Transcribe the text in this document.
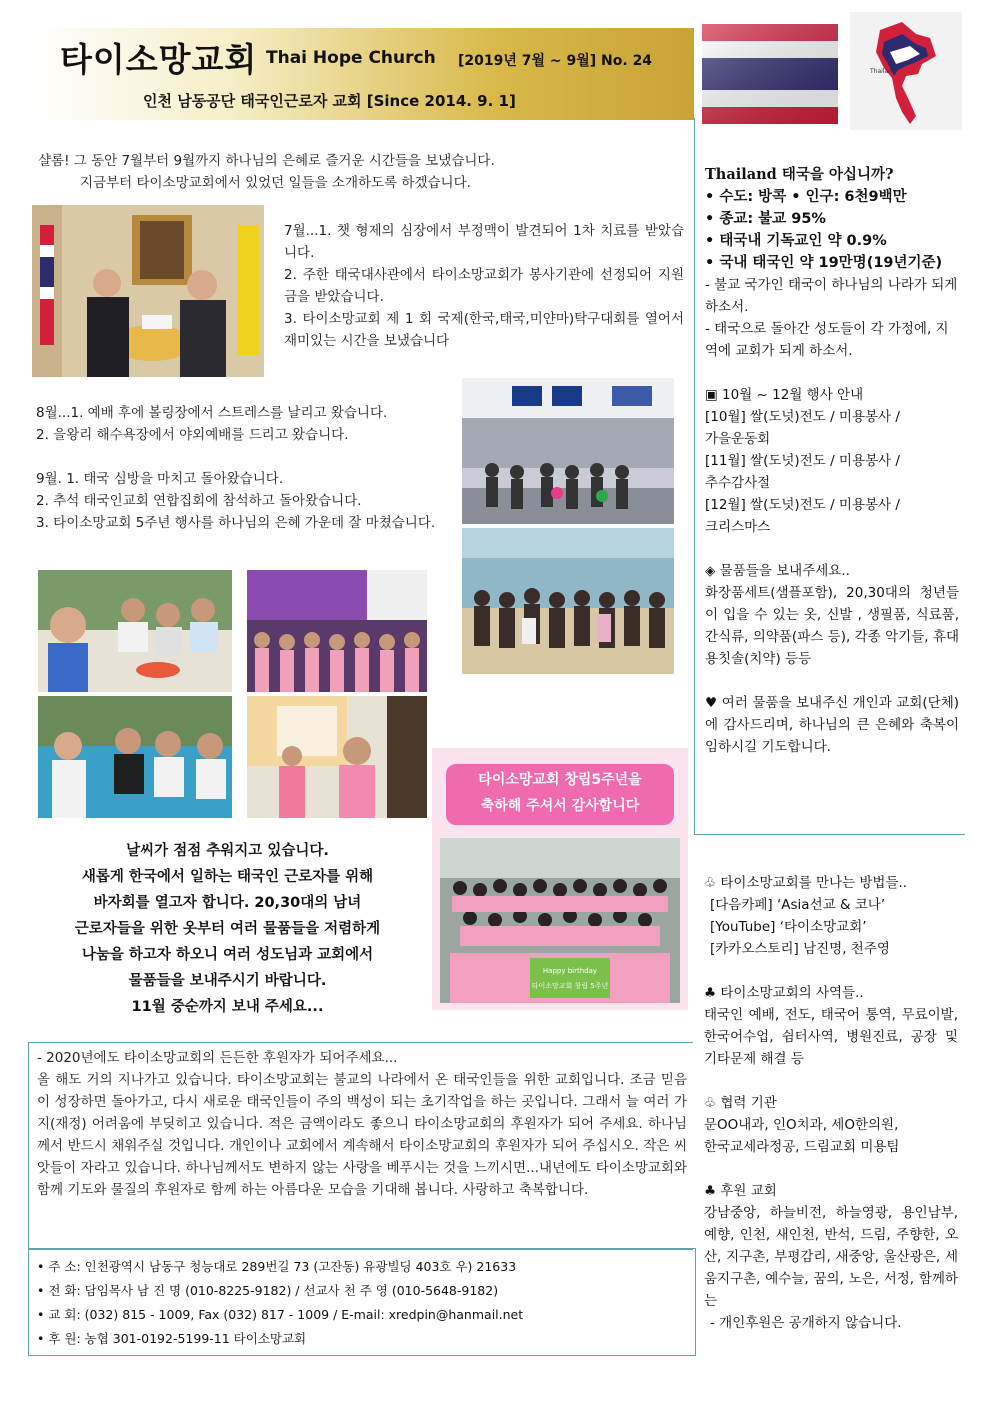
타이소망교회 Thai Hope Church [2019년 7월 ~ 9월] No. 24
인천 남동공단 태국인근로자 교회 [Since 2014. 9. 1]
Thailand

샬롬! 그 동안 7월부터 9월까지 하나님의 은혜로 즐거운 시간들을 보냈습니다.

지금부터 타이소망교회에서 있었던 일들을 소개하도록 하겠습니다.

7월...1. 챗 형제의 심장에서 부정맥이 발견되어 1차 치료를 받았습니다.

2. 주한 태국대사관에서 타이소망교회가 봉사기관에 선정되어 지원금을 받았습니다.

3. 타이소망교회 제 1 회 국제(한국,태국,미얀마)탁구대회를 열어서 재미있는 시간을 보냈습니다

8월...1. 예배 후에 볼링장에서 스트레스를 날리고 왔습니다.

2. 을왕리 해수욕장에서 야외예배를 드리고 왔습니다.

9월. 1. 태국 심방을 마치고 돌아왔습니다.

2. 추석 태국인교회 연합집회에 참석하고 돌아왔습니다.

3. 타이소망교회 5주년 행사를 하나님의 은혜 가운데 잘 마쳤습니다.

타이소망교회 창립5주년을
축하해 주셔서 감사합니다
Happy birthday
타이소망교회 창립 5주년
날씨가 점점 추워지고 있습니다.
새롭게 한국에서 일하는 태국인 근로자를 위해
바자회를 열고자 합니다. 20,30대의 남녀
근로자들을 위한 옷부터 여러 물품들을 저렴하게
나눔을 하고자 하오니 여러 성도님과 교회에서
물품들을 보내주시기 바랍니다.
11월 중순까지 보내 주세요...

- 2020년에도 타이소망교회의 든든한 후원자가 되어주세요...

올 해도 거의 지나가고 있습니다. 타이소망교회는 불교의 나라에서 온 태국인들을 위한 교회입니다. 조금 믿음이 성장하면 돌아가고, 다시 새로운 태국인들이 주의 백성이 되는 초기작업을 하는 곳입니다. 그래서 늘 여러 가지(재정) 어려움에 부딪히고 있습니다. 적은 금액이라도 좋으니 타이소망교회의 후원자가 되어 주세요. 하나님께서 반드시 채워주실 것입니다. 개인이나 교회에서 계속해서 타이소망교회의 후원자가 되어 주십시오. 작은 씨앗들이 자라고 있습니다. 하나님께서도 변하지 않는 사랑을 베푸시는 것을 느끼시면...내년에도 타이소망교회와 함께 기도와 물질의 후원자로 함께 하는 아름다운 모습을 기대해 봅니다. 사랑하고 축복합니다.

• 주 소: 인천광역시 남동구 청능대로 289번길 73 (고잔동) 유광빌딩 403호 우) 21633
• 전 화: 담임목사 남 진 명 (010-8225-9182) / 선교사 천 주 영 (010-5648-9182)
• 교 회: (032) 815 - 1009, Fax (032) 817 - 1009 / E-mail: xredpin@hanmail.net
• 후 원: 농협 301-0192-5199-11 타이소망교회

Thailand 태국을 아십니까?

• 수도: 방콕 • 인구: 6천9백만

• 종교: 불교 95%

• 태국내 기독교인 약 0.9%

• 국내 태국인 약 19만명(19년기준)

- 불교 국가인 태국이 하나님의 나라가 되게 하소서.

- 태국으로 돌아간 성도들이 각 가정에, 지역에 교회가 되게 하소서.

▣ 10월 ~ 12월 행사 안내

[10월] 쌀(도넛)전도 / 미용봉사 /

가을운동회

[11월] 쌀(도넛)전도 / 미용봉사 /

추수감사절

[12월] 쌀(도넛)전도 / 미용봉사 /

크리스마스

◈ 물품들을 보내주세요..

화장품세트(샘플포함), 20,30대의 청년들이 입을 수 있는 옷, 신발 , 생필품, 식료품, 간식류, 의약품(파스 등), 각종 악기들, 휴대용칫솔(치약) 등등

♥ 여러 물품을 보내주신 개인과 교회(단체)에 감사드리며, 하나님의 큰 은혜와 축복이 임하시길 기도합니다.

♧ 타이소망교회를 만나는 방법들..

[다음카페] ‘Asia선교 & 코나’

[YouTube] ‘타이소망교회’

[카카오스토리] 남진명, 천주영

♣ 타이소망교회의 사역들..

태국인 예배, 전도, 태국어 통역, 무료이발, 한국어수업, 쉼터사역, 병원진료, 공장 및 기타문제 해결 등

♧ 협력 기관

문OO내과, 인O치과, 세O한의원,

한국교세라정공, 드림교회 미용팀

♣ 후원 교회

강남중앙, 하늘비전, 하늘영광, 용인남부, 예향, 인천, 새인천, 반석, 드림, 주향한, 오산, 지구촌, 부평감리, 새중앙, 울산광은, 세움지구촌, 예수늘, 꿈의, 노은, 서정, 함께하는

- 개인후원은 공개하지 않습니다.
